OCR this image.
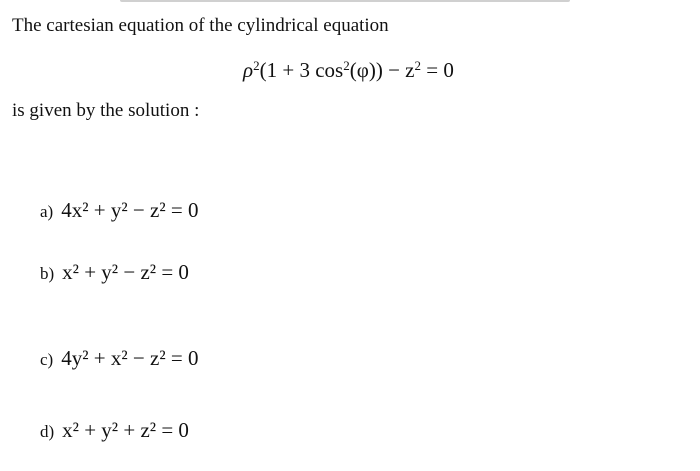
The cartesian equation of the cylindrical equation
$\rho^2(1 + 3$ $\cos^2(\varphi)) - z^2 = 0$
is given by the solution :
a) 4x² + y² − z² = 0
b) x² + y² − z² = 0
c) 4y² + x² − z² = 0
d) x² + y² + z² = 0
